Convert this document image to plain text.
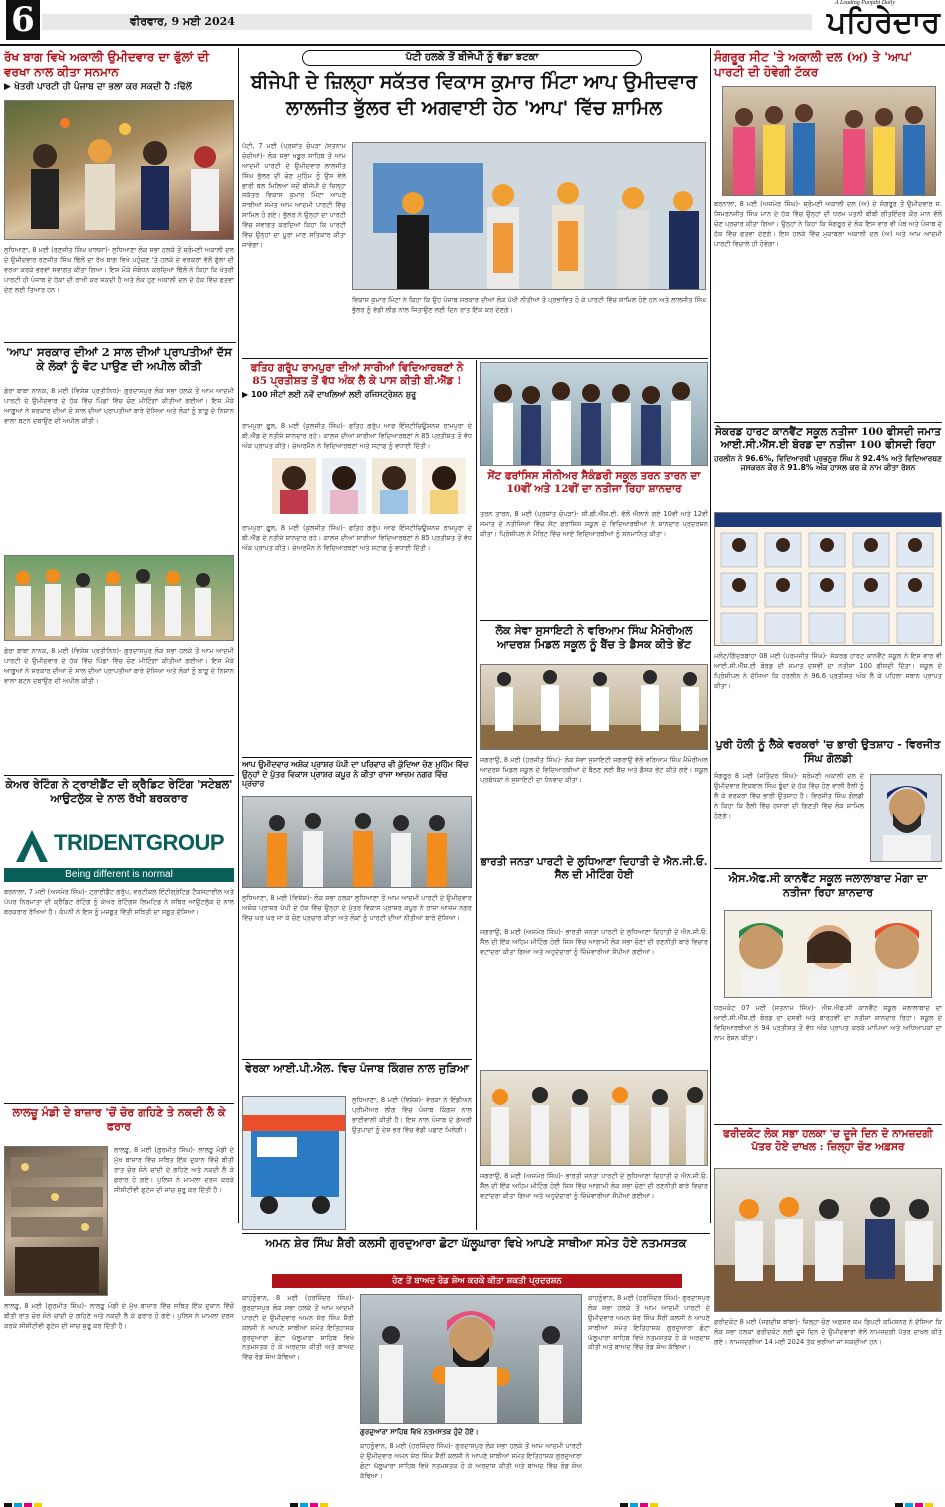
6	ਵੀਰਵਾਰ, 9 ਮਈ 2024	ਪਹਿਰੇਦਾਰ
A Leading Punjabi Daily
ਰੱਖ ਬਾਗ ਵਿਖੇ ਅਕਾਲੀ ਉਮੀਦਵਾਰ ਦਾ ਫੁੱਲਾਂ ਦੀ ਵਰਖਾ ਨਾਲ ਕੀਤਾ ਸਨਮਾਨ
▶ ਖੇਤਰੀ ਪਾਰਟੀ ਹੀ ਪੰਜਾਬ ਦਾ ਭਲਾ ਕਰ ਸਕਦੀ ਹੈ :ਢਿੱਲੋਂ
ਲੁਧਿਆਣਾ, 8 ਮਈ (ਰਣਜੀਤ ਸਿੰਘ ਖ਼ਾਲਸਾ)- ਲੁਧਿਆਣਾ ਲੋਕ ਸਭਾ ਹਲਕੇ ਤੋਂ ਸ਼੍ਰੋਮਣੀ ਅਕਾਲੀ ਦਲ ਦੇ ਉਮੀਦਵਾਰ ਰਣਜੀਤ ਸਿੰਘ ਢਿੱਲੋਂ ਦਾ ਰੱਖ ਬਾਗ ਵਿਖੇ ਪਹੁੰਚਣ 'ਤੇ ਹਲਕੇ ਦੇ ਵਰਕਰਾਂ ਵੱਲੋਂ ਫੁੱਲਾਂ ਦੀ ਵਰਖਾ ਕਰਕੇ ਭਰਵਾਂ ਸਵਾਗਤ ਕੀਤਾ ਗਿਆ। ਇਸ ਮੌਕੇ ਸੰਬੋਧਨ ਕਰਦਿਆਂ ਢਿੱਲੋਂ ਨੇ ਕਿਹਾ ਕਿ ਖੇਤਰੀ ਪਾਰਟੀ ਹੀ ਪੰਜਾਬ ਦੇ ਹੱਕਾਂ ਦੀ ਰਾਖੀ ਕਰ ਸਕਦੀ ਹੈ ਅਤੇ ਲੋਕ ਹੁਣ ਅਕਾਲੀ ਦਲ ਦੇ ਹੱਕ ਵਿੱਚ ਫਤਵਾ ਦੇਣ ਲਈ ਤਿਆਰ ਹਨ।
ਪੱਟੀ ਹਲਕੇ ਤੋਂ ਬੀਜੇਪੀ ਨੂੰ ਵੱਡਾ ਝਟਕਾ
ਬੀਜੇਪੀ ਦੇ ਜ਼ਿਲ੍ਹਾ ਸਕੱਤਰ ਵਿਕਾਸ ਕੁਮਾਰ ਮਿੰਟਾ ਆਪ ਉਮੀਦਵਾਰ ਲਾਲਜੀਤ ਭੁੱਲਰ ਦੀ ਅਗਵਾਈ ਹੇਠ 'ਆਪ' ਵਿੱਚ ਸ਼ਾਮਿਲ
ਪੱਟੀ, 7 ਮਈ (ਪ੍ਰਸ਼ਾਂਤ ਚੋਪੜਾ /ਸਤਨਾਮ ਚੰਦੀਆਂ)- ਲੋਕ ਸਭਾ ਖਡੂਰ ਸਾਹਿਬ ਤੋਂ ਆਮ ਆਦਮੀ ਪਾਰਟੀ ਦੇ ਉਮੀਦਵਾਰ ਲਾਲਜੀਤ ਸਿੰਘ ਭੁੱਲਰ ਦੀ ਚੋਣ ਮੁਹਿੰਮ ਨੂੰ ਉਸ ਵੇਲੇ ਭਾਰੀ ਬਲ ਮਿਲਿਆ ਜਦੋਂ ਬੀਜੇਪੀ ਦੇ ਜ਼ਿਲ੍ਹਾ ਸਕੱਤਰ ਵਿਕਾਸ ਕੁਮਾਰ ਮਿੰਟਾ ਆਪਣੇ ਸਾਥੀਆਂ ਸਮੇਤ ਆਮ ਆਦਮੀ ਪਾਰਟੀ ਵਿੱਚ ਸ਼ਾਮਿਲ ਹੋ ਗਏ। ਭੁੱਲਰ ਨੇ ਉਨ੍ਹਾਂ ਦਾ ਪਾਰਟੀ ਵਿੱਚ ਸਵਾਗਤ ਕਰਦਿਆਂ ਕਿਹਾ ਕਿ ਪਾਰਟੀ ਵਿੱਚ ਉਨ੍ਹਾਂ ਦਾ ਪੂਰਾ ਮਾਣ ਸਤਿਕਾਰ ਕੀਤਾ ਜਾਵੇਗਾ।
ਵਿਕਾਸ ਕੁਮਾਰ ਮਿੰਟਾ ਨੇ ਕਿਹਾ ਕਿ ਉਹ ਪੰਜਾਬ ਸਰਕਾਰ ਦੀਆਂ ਲੋਕ ਪੱਖੀ ਨੀਤੀਆਂ ਤੋਂ ਪ੍ਰਭਾਵਿਤ ਹੋ ਕੇ ਪਾਰਟੀ ਵਿੱਚ ਸ਼ਾਮਿਲ ਹੋਏ ਹਨ ਅਤੇ ਲਾਲਜੀਤ ਸਿੰਘ ਭੁੱਲਰ ਨੂੰ ਵੱਡੀ ਲੀਡ ਨਾਲ ਜਿਤਾਉਣ ਲਈ ਦਿਨ ਰਾਤ ਇੱਕ ਕਰ ਦੇਣਗੇ।
ਸੰਗਰੂਰ ਸੀਟ 'ਤੇ ਅਕਾਲੀ ਦਲ (ਅ) ਤੇ 'ਆਪ' ਪਾਰਟੀ ਦੀ ਹੋਵੇਗੀ ਟੱਕਰ
ਬਰਨਾਲਾ, 8 ਮਈ (ਅਜਮੇਰ ਸਿੰਘ)- ਸ਼੍ਰੋਮਣੀ ਅਕਾਲੀ ਦਲ (ਅ) ਦੇ ਸੰਗਰੂਰ ਤੋਂ ਉਮੀਦਵਾਰ ਸ. ਸਿਮਰਨਜੀਤ ਸਿੰਘ ਮਾਨ ਦੇ ਹੱਕ ਵਿੱਚ ਉਨ੍ਹਾਂ ਦੀ ਧਰਮ ਪਤਨੀ ਬੀਬੀ ਗੀਤਇੰਦਰ ਕੌਰ ਮਾਨ ਵੱਲੋਂ ਚੋਣ ਪ੍ਰਚਾਰ ਕੀਤਾ ਗਿਆ। ਉਨ੍ਹਾਂ ਨੇ ਕਿਹਾ ਕਿ ਸੰਗਰੂਰ ਦੇ ਲੋਕ ਇਸ ਵਾਰ ਵੀ ਪੰਥ ਅਤੇ ਪੰਜਾਬ ਦੇ ਹੱਕ ਵਿੱਚ ਫਤਵਾ ਦੇਣਗੇ। ਇਸ ਹਲਕੇ ਵਿੱਚ ਮੁਕਾਬਲਾ ਅਕਾਲੀ ਦਲ (ਅ) ਅਤੇ ਆਮ ਆਦਮੀ ਪਾਰਟੀ ਵਿਚਾਲੇ ਹੀ ਹੋਵੇਗਾ।
'ਆਪ' ਸਰਕਾਰ ਦੀਆਂ 2 ਸਾਲ ਦੀਆਂ ਪ੍ਰਾਪਤੀਆਂ ਦੱਸ ਕੇ ਲੋਕਾਂ ਨੂੰ ਵੋਟ ਪਾਉਣ ਦੀ ਅਪੀਲ ਕੀਤੀ
ਡੇਰਾ ਬਾਬਾ ਨਾਨਕ, 8 ਮਈ (ਵਿਸ਼ੇਸ਼ ਪ੍ਰਤੀਨਿਧ)- ਗੁਰਦਾਸਪੁਰ ਲੋਕ ਸਭਾ ਹਲਕੇ ਤੋਂ ਆਮ ਆਦਮੀ ਪਾਰਟੀ ਦੇ ਉਮੀਦਵਾਰ ਦੇ ਹੱਕ ਵਿੱਚ ਪਿੰਡਾਂ ਵਿੱਚ ਚੋਣ ਮੀਟਿੰਗਾਂ ਕੀਤੀਆਂ ਗਈਆਂ। ਇਸ ਮੌਕੇ ਆਗੂਆਂ ਨੇ ਸਰਕਾਰ ਦੀਆਂ ਦੋ ਸਾਲ ਦੀਆਂ ਪ੍ਰਾਪਤੀਆਂ ਬਾਰੇ ਦੱਸਿਆ ਅਤੇ ਲੋਕਾਂ ਨੂੰ ਝਾੜੂ ਦੇ ਨਿਸ਼ਾਨ ਵਾਲਾ ਬਟਨ ਦਬਾਉਣ ਦੀ ਅਪੀਲ ਕੀਤੀ।
ਡੇਰਾ ਬਾਬਾ ਨਾਨਕ, 8 ਮਈ (ਵਿਸ਼ੇਸ਼ ਪ੍ਰਤੀਨਿਧ)- ਗੁਰਦਾਸਪੁਰ ਲੋਕ ਸਭਾ ਹਲਕੇ ਤੋਂ ਆਮ ਆਦਮੀ ਪਾਰਟੀ ਦੇ ਉਮੀਦਵਾਰ ਦੇ ਹੱਕ ਵਿੱਚ ਪਿੰਡਾਂ ਵਿੱਚ ਚੋਣ ਮੀਟਿੰਗਾਂ ਕੀਤੀਆਂ ਗਈਆਂ। ਇਸ ਮੌਕੇ ਆਗੂਆਂ ਨੇ ਸਰਕਾਰ ਦੀਆਂ ਦੋ ਸਾਲ ਦੀਆਂ ਪ੍ਰਾਪਤੀਆਂ ਬਾਰੇ ਦੱਸਿਆ ਅਤੇ ਲੋਕਾਂ ਨੂੰ ਝਾੜੂ ਦੇ ਨਿਸ਼ਾਨ ਵਾਲਾ ਬਟਨ ਦਬਾਉਣ ਦੀ ਅਪੀਲ ਕੀਤੀ।
ਫਤਿਹ ਗਰੁੱਪ ਰਾਮਪੁਰਾ ਦੀਆਂ ਸਾਰੀਆਂ ਵਿਦਿਆਰਥਣਾਂ ਨੇ 85 ਪ੍ਰਤੀਸ਼ਤ ਤੋਂ ਵੱਧ ਅੰਕ ਲੈ ਕੇ ਪਾਸ ਕੀਤੀ ਬੀ.ਐੱਡ !
▶ 100 ਸੀਟਾਂ ਲਈ ਨਵੇਂ ਦਾਖਲਿਆਂ ਲਈ ਰਜਿਸਟ੍ਰੇਸ਼ਨ ਸ਼ੁਰੂ
ਰਾਮਪੁਰਾ ਫੂਲ, 8 ਮਈ (ਕੁਲਜੀਤ ਸਿੰਘ)- ਫਤਿਹ ਗਰੁੱਪ ਆਫ ਇੰਸਟੀਚਿਊਸ਼ਨਜ਼ ਰਾਮਪੁਰਾ ਦੇ ਬੀ.ਐੱਡ ਦੇ ਨਤੀਜੇ ਸ਼ਾਨਦਾਰ ਰਹੇ। ਕਾਲਜ ਦੀਆਂ ਸਾਰੀਆਂ ਵਿਦਿਆਰਥਣਾਂ ਨੇ 85 ਪ੍ਰਤੀਸ਼ਤ ਤੋਂ ਵੱਧ ਅੰਕ ਪ੍ਰਾਪਤ ਕੀਤੇ। ਚੇਅਰਮੈਨ ਨੇ ਵਿਦਿਆਰਥਣਾਂ ਅਤੇ ਸਟਾਫ ਨੂੰ ਵਧਾਈ ਦਿੱਤੀ।
ਰਾਮਪੁਰਾ ਫੂਲ, 8 ਮਈ (ਕੁਲਜੀਤ ਸਿੰਘ)- ਫਤਿਹ ਗਰੁੱਪ ਆਫ ਇੰਸਟੀਚਿਊਸ਼ਨਜ਼ ਰਾਮਪੁਰਾ ਦੇ ਬੀ.ਐੱਡ ਦੇ ਨਤੀਜੇ ਸ਼ਾਨਦਾਰ ਰਹੇ। ਕਾਲਜ ਦੀਆਂ ਸਾਰੀਆਂ ਵਿਦਿਆਰਥਣਾਂ ਨੇ 85 ਪ੍ਰਤੀਸ਼ਤ ਤੋਂ ਵੱਧ ਅੰਕ ਪ੍ਰਾਪਤ ਕੀਤੇ। ਚੇਅਰਮੈਨ ਨੇ ਵਿਦਿਆਰਥਣਾਂ ਅਤੇ ਸਟਾਫ ਨੂੰ ਵਧਾਈ ਦਿੱਤੀ।
ਸੇਂਟ ਫਰਾਂਸਿਸ ਸੀਨੀਅਰ ਸੈਕੰਡਰੀ ਸਕੂਲ ਤਰਨ ਤਾਰਨ ਦਾ 10ਵੀਂ ਅਤੇ 12ਵੀਂ ਦਾ ਨਤੀਜਾ ਰਿਹਾ ਸ਼ਾਨਦਾਰ
ਤਰਨ ਤਾਰਨ, 8 ਮਈ (ਪ੍ਰਸ਼ਾਂਤ ਚੋਪੜਾ)- ਸੀ.ਬੀ.ਐੱਸ.ਈ. ਵੱਲੋਂ ਐਲਾਨੇ ਗਏ 10ਵੀਂ ਅਤੇ 12ਵੀਂ ਜਮਾਤ ਦੇ ਨਤੀਜਿਆਂ ਵਿੱਚ ਸੇਂਟ ਫਰਾਂਸਿਸ ਸਕੂਲ ਦੇ ਵਿਦਿਆਰਥੀਆਂ ਨੇ ਸ਼ਾਨਦਾਰ ਪ੍ਰਦਰਸ਼ਨ ਕੀਤਾ। ਪ੍ਰਿੰਸੀਪਲ ਨੇ ਮੈਰਿਟ ਵਿੱਚ ਆਏ ਵਿਦਿਆਰਥੀਆਂ ਨੂੰ ਸਨਮਾਨਿਤ ਕੀਤਾ।
ਲੋਕ ਸੇਵਾ ਸੁਸਾਇਟੀ ਨੇ ਵਰਿਆਮ ਸਿੰਘ ਮੈਮੋਰੀਅਲ ਆਦਰਸ਼ ਮਿਡਲ ਸਕੂਲ ਨੂੰ ਬੈਂਚ ਤੇ ਡੈਸਕ ਕੀਤੇ ਭੇਂਟ
ਜਗਰਾਉਂ, 8 ਮਈ (ਹਰਜੀਤ ਸਿੰਘ)- ਲੋਕ ਸੇਵਾ ਸੁਸਾਇਟੀ ਜਗਰਾਉਂ ਵੱਲੋਂ ਵਰਿਆਮ ਸਿੰਘ ਮੈਮੋਰੀਅਲ ਆਦਰਸ਼ ਮਿਡਲ ਸਕੂਲ ਦੇ ਵਿਦਿਆਰਥੀਆਂ ਦੇ ਬੈਠਣ ਲਈ ਬੈਂਚ ਅਤੇ ਡੈਸਕ ਭੇਂਟ ਕੀਤੇ ਗਏ। ਸਕੂਲ ਪ੍ਰਬੰਧਕਾਂ ਨੇ ਸੁਸਾਇਟੀ ਦਾ ਧੰਨਵਾਦ ਕੀਤਾ।
ਭਾਰਤੀ ਜਨਤਾ ਪਾਰਟੀ ਦੇ ਲੁਧਿਆਣਾ ਦਿਹਾਤੀ ਦੇ ਐਨ.ਜੀ.ਓ. ਸੈੱਲ ਦੀ ਮੀਟਿੰਗ ਹੋਈ
ਜਗਰਾਉਂ, 8 ਮਈ (ਅਜਮੇਰ ਸਿੰਘ)- ਭਾਰਤੀ ਜਨਤਾ ਪਾਰਟੀ ਦੇ ਲੁਧਿਆਣਾ ਦਿਹਾਤੀ ਦੇ ਐਨ.ਜੀ.ਓ. ਸੈੱਲ ਦੀ ਇੱਕ ਅਹਿਮ ਮੀਟਿੰਗ ਹੋਈ ਜਿਸ ਵਿੱਚ ਆਗਾਮੀ ਲੋਕ ਸਭਾ ਚੋਣਾਂ ਦੀ ਰਣਨੀਤੀ ਬਾਰੇ ਵਿਚਾਰ ਵਟਾਂਦਰਾ ਕੀਤਾ ਗਿਆ ਅਤੇ ਅਹੁਦੇਦਾਰਾਂ ਨੂੰ ਜ਼ਿੰਮੇਵਾਰੀਆਂ ਸੌਂਪੀਆਂ ਗਈਆਂ।
ਜਗਰਾਉਂ, 8 ਮਈ (ਅਜਮੇਰ ਸਿੰਘ)- ਭਾਰਤੀ ਜਨਤਾ ਪਾਰਟੀ ਦੇ ਲੁਧਿਆਣਾ ਦਿਹਾਤੀ ਦੇ ਐਨ.ਜੀ.ਓ. ਸੈੱਲ ਦੀ ਇੱਕ ਅਹਿਮ ਮੀਟਿੰਗ ਹੋਈ ਜਿਸ ਵਿੱਚ ਆਗਾਮੀ ਲੋਕ ਸਭਾ ਚੋਣਾਂ ਦੀ ਰਣਨੀਤੀ ਬਾਰੇ ਵਿਚਾਰ ਵਟਾਂਦਰਾ ਕੀਤਾ ਗਿਆ ਅਤੇ ਅਹੁਦੇਦਾਰਾਂ ਨੂੰ ਜ਼ਿੰਮੇਵਾਰੀਆਂ ਸੌਂਪੀਆਂ ਗਈਆਂ।
ਸੇਕਰਡ ਹਾਰਟ ਕਾਨਵੈਂਟ ਸਕੂਲ ਨਤੀਜਾ 100 ਫੀਸਦੀ ਜਮਾਤ ਆਈ.ਸੀ.ਐੱਸ.ਈ ਬੋਰਡ ਦਾ ਨਤੀਜਾ 100 ਫੀਸਦੀ ਰਿਹਾ
ਹਰਲੀਨ ਨੇ 96.6%, ਵਿਦਿਆਰਥੀ ਪ੍ਰਭਨੂਰ ਸਿੰਘ ਨੇ 92.4% ਅਤੇ ਵਿਦਿਆਰਥਣ ਜਸਕਰਨ ਕੌਰ ਨੇ 91.8% ਅੰਕ ਹਾਸਲ ਕਰ ਕੇ ਨਾਮ ਕੀਤਾ ਰੋਸ਼ਨ
ਮਲੋਟ/ਗਿੱਦੜਬਾਹਾ 08 ਮਈ (ਪਰਮਜੀਤ ਸਿੰਘ)- ਸੇਕਰਡ ਹਾਰਟ ਕਾਨਵੈਂਟ ਸਕੂਲ ਨੇ ਇਸ ਵਾਰ ਵੀ ਆਈ.ਸੀ.ਐੱਸ.ਈ ਬੋਰਡ ਦੀ ਜਮਾਤ ਦਸਵੀਂ ਦਾ ਨਤੀਜਾ 100 ਫੀਸਦੀ ਦਿੱਤਾ। ਸਕੂਲ ਦੇ ਪ੍ਰਿੰਸੀਪਲ ਨੇ ਦੱਸਿਆ ਕਿ ਹਰਲੀਨ ਨੇ 96.6 ਪ੍ਰਤੀਸ਼ਤ ਅੰਕ ਲੈ ਕੇ ਪਹਿਲਾ ਸਥਾਨ ਪ੍ਰਾਪਤ ਕੀਤਾ।
ਪੁਰੀ ਹੋਲੀ ਨੂੰ ਲੈਕੇ ਵਰਕਰਾਂ 'ਚ ਭਾਰੀ ਉਤਸ਼ਾਹ - ਵਿਰਜੀਤ ਸਿੰਘ ਗੋਲਡੀ
ਸੰਗਰੂਰ 8 ਮਈ (ਜਤਿੰਦਰ ਸਿੰਘ)- ਸ਼੍ਰੋਮਣੀ ਅਕਾਲੀ ਦਲ ਦੇ ਉਮੀਦਵਾਰ ਇਕਬਾਲ ਸਿੰਘ ਝੂੰਦਾਂ ਦੇ ਹੱਕ ਵਿੱਚ ਹੋਣ ਵਾਲੀ ਰੈਲੀ ਨੂੰ ਲੈ ਕੇ ਵਰਕਰਾਂ ਵਿੱਚ ਭਾਰੀ ਉਤਸ਼ਾਹ ਹੈ। ਵਿਰਜੀਤ ਸਿੰਘ ਗੋਲਡੀ ਨੇ ਕਿਹਾ ਕਿ ਰੈਲੀ ਵਿੱਚ ਹਜ਼ਾਰਾਂ ਦੀ ਗਿਣਤੀ ਵਿੱਚ ਲੋਕ ਸ਼ਾਮਿਲ ਹੋਣਗੇ।
ਐਸ.ਐਫ.ਸੀ ਕਾਨਵੈਂਟ ਸਕੂਲ ਜਲਾਲਾਬਾਦ ਮੋਗਾ ਦਾ ਨਤੀਜਾ ਰਿਹਾ ਸ਼ਾਨਦਾਰ
ਧਰਮਕੋਟ 07 ਮਈ (ਸਤਨਾਮ ਸਿੰਘ)- ਐਸ.ਐਫ.ਸੀ ਕਾਨਵੈਂਟ ਸਕੂਲ ਜਲਾਲਾਬਾਦ ਦਾ ਆਈ.ਸੀ.ਐੱਸ.ਈ ਬੋਰਡ ਦਾ ਦਸਵੀਂ ਅਤੇ ਬਾਰ੍ਹਵੀਂ ਦਾ ਨਤੀਜਾ ਸ਼ਾਨਦਾਰ ਰਿਹਾ। ਸਕੂਲ ਦੇ ਵਿਦਿਆਰਥੀਆਂ ਨੇ 94 ਪ੍ਰਤੀਸ਼ਤ ਤੋਂ ਵੱਧ ਅੰਕ ਪ੍ਰਾਪਤ ਕਰਕੇ ਮਾਪਿਆਂ ਅਤੇ ਅਧਿਆਪਕਾਂ ਦਾ ਨਾਮ ਰੋਸ਼ਨ ਕੀਤਾ।
ਫਰੀਦਕੋਟ ਲੋਕ ਸਭਾ ਹਲਕਾ 'ਚ ਦੂਜੇ ਦਿਨ ਦੋ ਨਾਮਜ਼ਦਗੀ ਪੱਤਰ ਹੋਏ ਦਾਖਲ : ਜ਼ਿਲ੍ਹਾ ਚੋਣ ਅਫ਼ਸਰ
ਫਰੀਦਕੋਟ 8 ਮਈ (ਜਗਦੀਸ਼ ਬਾਂਬਾ)- ਜ਼ਿਲ੍ਹਾ ਚੋਣ ਅਫ਼ਸਰ ਕਮ ਡਿਪਟੀ ਕਮਿਸ਼ਨਰ ਨੇ ਦੱਸਿਆ ਕਿ ਲੋਕ ਸਭਾ ਹਲਕਾ ਫਰੀਦਕੋਟ ਲਈ ਦੂਜੇ ਦਿਨ ਦੋ ਉਮੀਦਵਾਰਾਂ ਵੱਲੋਂ ਨਾਮਜ਼ਦਗੀ ਪੱਤਰ ਦਾਖਲ ਕੀਤੇ ਗਏ। ਨਾਮਜ਼ਦਗੀਆਂ 14 ਮਈ 2024 ਤੱਕ ਭਰੀਆਂ ਜਾ ਸਕਦੀਆਂ ਹਨ।
ਕੇਅਰ ਰੇਟਿੰਗ ਨੇ ਟ੍ਰਾਈਡੈਂਟ ਦੀ ਕ੍ਰੈਡਿਟ ਰੇਟਿੰਗ 'ਸਟੇਬਲ' ਆਉਟਲੁੱਕ ਦੇ ਨਾਲ ਰੱਖੀ ਬਰਕਰਾਰ
TRIDENTGROUP
Being different is normal
ਬਰਨਾਲਾ, 7 ਮਈ (ਅਜਮੇਰ ਸਿੰਘ)- ਟ੍ਰਾਈਡੈਂਟ ਗਰੁੱਪ, ਵਰਟੀਕਲ ਇੰਟੀਗ੍ਰੇਟਿਡ ਟੈਕਸਟਾਈਲ ਅਤੇ ਪੇਪਰ ਨਿਰਮਾਤਾ ਦੀ ਕ੍ਰੈਡਿਟ ਰੇਟਿੰਗ ਨੂੰ ਕੇਅਰ ਰੇਟਿੰਗਸ ਲਿਮਟਿਡ ਨੇ ਸਥਿਰ ਆਉਟਲੁੱਕ ਦੇ ਨਾਲ ਬਰਕਰਾਰ ਰੱਖਿਆ ਹੈ। ਕੰਪਨੀ ਨੇ ਇਸ ਨੂੰ ਮਜ਼ਬੂਤ ਵਿੱਤੀ ਸਥਿਤੀ ਦਾ ਸਬੂਤ ਦੱਸਿਆ।
ਆਪ ਉਮੀਦਵਾਰ ਅਸ਼ੋਕ ਪ੍ਰਾਸ਼ਰ ਪੱਪੀ ਦਾ ਪਰਿਵਾਰ ਵੀ ਕੁੱਦਿਆ ਚੋਣ ਮੁਹਿੰਮ ਵਿੱਚ ਉਨ੍ਹਾਂ ਦੇ ਪੁੱਤਰ ਵਿਕਾਸ ਪ੍ਰਾਸ਼ਰ ਕਪੂਰ ਨੇ ਕੀਤਾ ਰਾਜਾ ਆਜ਼ਮ ਨਗਰ ਵਿੱਚ ਪ੍ਰਚਾਰ
ਲੁਧਿਆਣਾ, 8 ਮਈ (ਵਿਸ਼ੇਸ਼)- ਲੋਕ ਸਭਾ ਹਲਕਾ ਲੁਧਿਆਣਾ ਤੋਂ ਆਮ ਆਦਮੀ ਪਾਰਟੀ ਦੇ ਉਮੀਦਵਾਰ ਅਸ਼ੋਕ ਪ੍ਰਾਸ਼ਰ ਪੱਪੀ ਦੇ ਹੱਕ ਵਿੱਚ ਉਨ੍ਹਾਂ ਦੇ ਪੁੱਤਰ ਵਿਕਾਸ ਪ੍ਰਾਸ਼ਰ ਕਪੂਰ ਨੇ ਰਾਜਾ ਆਜ਼ਮ ਨਗਰ ਵਿੱਚ ਘਰ ਘਰ ਜਾ ਕੇ ਚੋਣ ਪ੍ਰਚਾਰ ਕੀਤਾ ਅਤੇ ਲੋਕਾਂ ਨੂੰ ਪਾਰਟੀ ਦੀਆਂ ਨੀਤੀਆਂ ਬਾਰੇ ਦੱਸਿਆ।
ਵੇਰਕਾ ਆਈ.ਪੀ.ਐਲ. ਵਿਚ ਪੰਜਾਬ ਕਿੰਗਜ਼ ਨਾਲ ਜੁੜਿਆ
ਲੁਧਿਆਣਾ, 8 ਮਈ (ਵਿਸ਼ੇਸ਼)- ਵੇਰਕਾ ਨੇ ਇੰਡੀਅਨ ਪ੍ਰੀਮੀਅਰ ਲੀਗ ਵਿੱਚ ਪੰਜਾਬ ਕਿੰਗਜ਼ ਨਾਲ ਭਾਈਵਾਲੀ ਕੀਤੀ ਹੈ। ਇਸ ਨਾਲ ਪੰਜਾਬ ਦੇ ਡੇਅਰੀ ਉਤਪਾਦਾਂ ਨੂੰ ਦੇਸ਼ ਭਰ ਵਿੱਚ ਵੱਡੀ ਪਛਾਣ ਮਿਲੇਗੀ।
ਲਾਲਚੂ ਮੰਡੀ ਦੇ ਬਾਜ਼ਾਰ 'ਚੋਂ ਚੋਰ ਗਹਿਣੇ ਤੇ ਨਕਦੀ ਲੈ ਕੇ ਫਰਾਰ
ਲਾਲੜੂ, 8 ਮਈ (ਗੁਰਮੀਤ ਸਿੰਘ)- ਲਾਲੜੂ ਮੰਡੀ ਦੇ ਮੁੱਖ ਬਾਜ਼ਾਰ ਵਿੱਚ ਸਥਿਤ ਇੱਕ ਦੁਕਾਨ ਵਿੱਚੋਂ ਬੀਤੀ ਰਾਤ ਚੋਰ ਸੋਨੇ ਚਾਂਦੀ ਦੇ ਗਹਿਣੇ ਅਤੇ ਨਕਦੀ ਲੈ ਕੇ ਫਰਾਰ ਹੋ ਗਏ। ਪੁਲਿਸ ਨੇ ਮਾਮਲਾ ਦਰਜ ਕਰਕੇ ਸੀਸੀਟੀਵੀ ਫੁਟੇਜ ਦੀ ਜਾਂਚ ਸ਼ੁਰੂ ਕਰ ਦਿੱਤੀ ਹੈ।
ਲਾਲੜੂ, 8 ਮਈ (ਗੁਰਮੀਤ ਸਿੰਘ)- ਲਾਲੜੂ ਮੰਡੀ ਦੇ ਮੁੱਖ ਬਾਜ਼ਾਰ ਵਿੱਚ ਸਥਿਤ ਇੱਕ ਦੁਕਾਨ ਵਿੱਚੋਂ ਬੀਤੀ ਰਾਤ ਚੋਰ ਸੋਨੇ ਚਾਂਦੀ ਦੇ ਗਹਿਣੇ ਅਤੇ ਨਕਦੀ ਲੈ ਕੇ ਫਰਾਰ ਹੋ ਗਏ। ਪੁਲਿਸ ਨੇ ਮਾਮਲਾ ਦਰਜ ਕਰਕੇ ਸੀਸੀਟੀਵੀ ਫੁਟੇਜ ਦੀ ਜਾਂਚ ਸ਼ੁਰੂ ਕਰ ਦਿੱਤੀ ਹੈ।
ਅਮਨ ਸ਼ੇਰ ਸਿੰਘ ਸ਼ੈਰੀ ਕਲਸੀ ਗੁਰਦੁਆਰਾ ਛੋਟਾ ਘੱਲੂਘਾਰਾ ਵਿਖੇ ਆਪਣੇ ਸਾਥੀਆ ਸਮੇਤ ਹੋਏ ਨਤਮਸਤਕ
ਹੋਣ ਤੋਂ ਬਾਅਦ ਰੋਡ ਸ਼ੋਅ ਕਰਕੇ ਕੀਤਾ ਸ਼ਕਤੀ ਪ੍ਰਦਰਸ਼ਨ
ਕਾਹਨੂੰਵਾਨ, 8 ਮਈ (ਹਰਜਿੰਦਰ ਸਿੰਘ)- ਗੁਰਦਾਸਪੁਰ ਲੋਕ ਸਭਾ ਹਲਕੇ ਤੋਂ ਆਮ ਆਦਮੀ ਪਾਰਟੀ ਦੇ ਉਮੀਦਵਾਰ ਅਮਨ ਸ਼ੇਰ ਸਿੰਘ ਸ਼ੈਰੀ ਕਲਸੀ ਨੇ ਆਪਣੇ ਸਾਥੀਆਂ ਸਮੇਤ ਇਤਿਹਾਸਕ ਗੁਰਦੁਆਰਾ ਛੋਟਾ ਘੱਲੂਘਾਰਾ ਸਾਹਿਬ ਵਿਖੇ ਨਤਮਸਤਕ ਹੋ ਕੇ ਅਰਦਾਸ ਕੀਤੀ ਅਤੇ ਬਾਅਦ ਵਿੱਚ ਰੋਡ ਸ਼ੋਅ ਕੱਢਿਆ।
ਗੁਰਦੁਆਰਾ ਸਾਹਿਬ ਵਿਖੇ ਨਤਮਸਤਕ ਹੁੰਦੇ ਹੋਏ।
ਕਾਹਨੂੰਵਾਨ, 8 ਮਈ (ਹਰਜਿੰਦਰ ਸਿੰਘ)- ਗੁਰਦਾਸਪੁਰ ਲੋਕ ਸਭਾ ਹਲਕੇ ਤੋਂ ਆਮ ਆਦਮੀ ਪਾਰਟੀ ਦੇ ਉਮੀਦਵਾਰ ਅਮਨ ਸ਼ੇਰ ਸਿੰਘ ਸ਼ੈਰੀ ਕਲਸੀ ਨੇ ਆਪਣੇ ਸਾਥੀਆਂ ਸਮੇਤ ਇਤਿਹਾਸਕ ਗੁਰਦੁਆਰਾ ਛੋਟਾ ਘੱਲੂਘਾਰਾ ਸਾਹਿਬ ਵਿਖੇ ਨਤਮਸਤਕ ਹੋ ਕੇ ਅਰਦਾਸ ਕੀਤੀ ਅਤੇ ਬਾਅਦ ਵਿੱਚ ਰੋਡ ਸ਼ੋਅ ਕੱਢਿਆ।
ਕਾਹਨੂੰਵਾਨ, 8 ਮਈ (ਹਰਜਿੰਦਰ ਸਿੰਘ)- ਗੁਰਦਾਸਪੁਰ ਲੋਕ ਸਭਾ ਹਲਕੇ ਤੋਂ ਆਮ ਆਦਮੀ ਪਾਰਟੀ ਦੇ ਉਮੀਦਵਾਰ ਅਮਨ ਸ਼ੇਰ ਸਿੰਘ ਸ਼ੈਰੀ ਕਲਸੀ ਨੇ ਆਪਣੇ ਸਾਥੀਆਂ ਸਮੇਤ ਇਤਿਹਾਸਕ ਗੁਰਦੁਆਰਾ ਛੋਟਾ ਘੱਲੂਘਾਰਾ ਸਾਹਿਬ ਵਿਖੇ ਨਤਮਸਤਕ ਹੋ ਕੇ ਅਰਦਾਸ ਕੀਤੀ ਅਤੇ ਬਾਅਦ ਵਿੱਚ ਰੋਡ ਸ਼ੋਅ ਕੱਢਿਆ।
